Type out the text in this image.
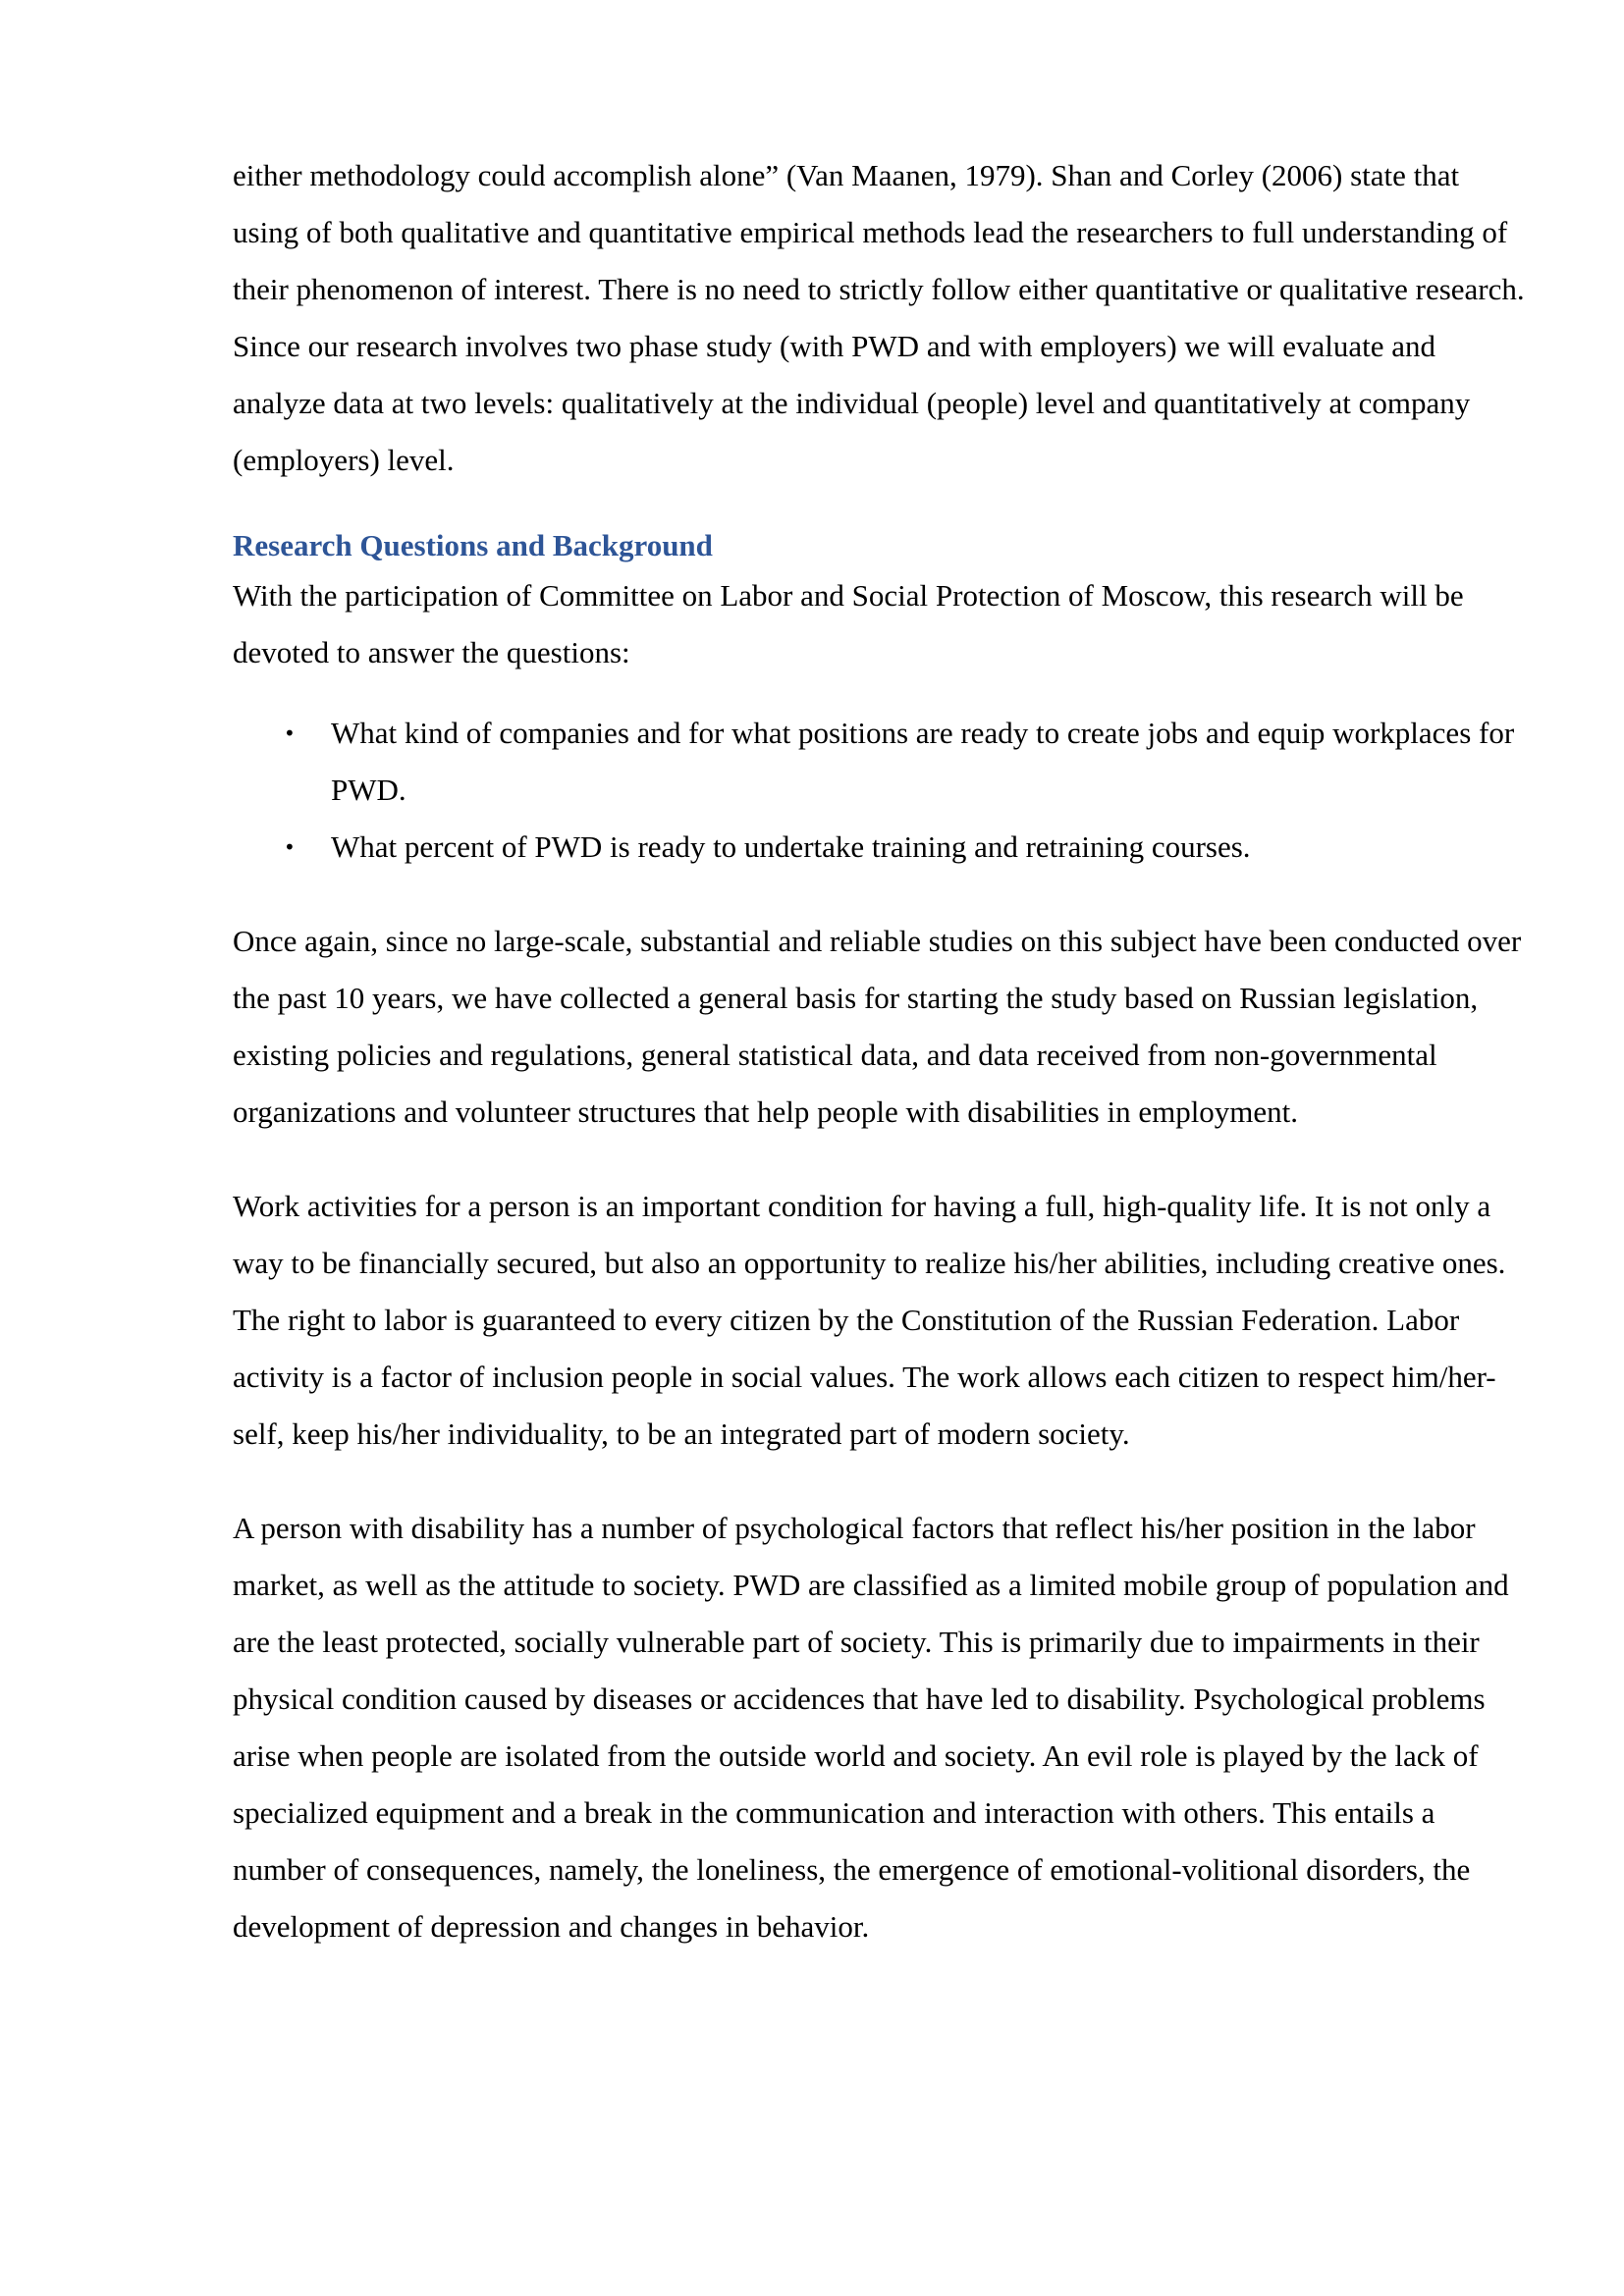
either methodology could accomplish alone” (Van Maanen, 1979). Shan and Corley (2006) state that using of both qualitative and quantitative empirical methods lead the researchers to full understanding of their phenomenon of interest. There is no need to strictly follow either quantitative or qualitative research. Since our research involves two phase study (with PWD and with employers) we will evaluate and analyze data at two levels: qualitatively at the individual (people) level and quantitatively at company (employers) level.

Research Questions and Background

With the participation of Committee on Labor and Social Protection of Moscow, this research will be devoted to answer the questions:

• What kind of companies and for what positions are ready to create jobs and equip workplaces for PWD.
• What percent of PWD is ready to undertake training and retraining courses.

Once again, since no large-scale, substantial and reliable studies on this subject have been conducted over the past 10 years, we have collected a general basis for starting the study based on Russian legislation, existing policies and regulations, general statistical data, and data received from non-governmental organizations and volunteer structures that help people with disabilities in employment.

Work activities for a person is an important condition for having a full, high-quality life. It is not only a way to be financially secured, but also an opportunity to realize his/her abilities, including creative ones. The right to labor is guaranteed to every citizen by the Constitution of the Russian Federation. Labor activity is a factor of inclusion people in social values. The work allows each citizen to respect him/her-self, keep his/her individuality, to be an integrated part of modern society.

A person with disability has a number of psychological factors that reflect his/her position in the labor market, as well as the attitude to society. PWD are classified as a limited mobile group of population and are the least protected, socially vulnerable part of society. This is primarily due to impairments in their physical condition caused by diseases or accidences that have led to disability. Psychological problems arise when people are isolated from the outside world and society. An evil role is played by the lack of specialized equipment and a break in the communication and interaction with others. This entails a number of consequences, namely, the loneliness, the emergence of emotional-volitional disorders, the development of depression and changes in behavior.
